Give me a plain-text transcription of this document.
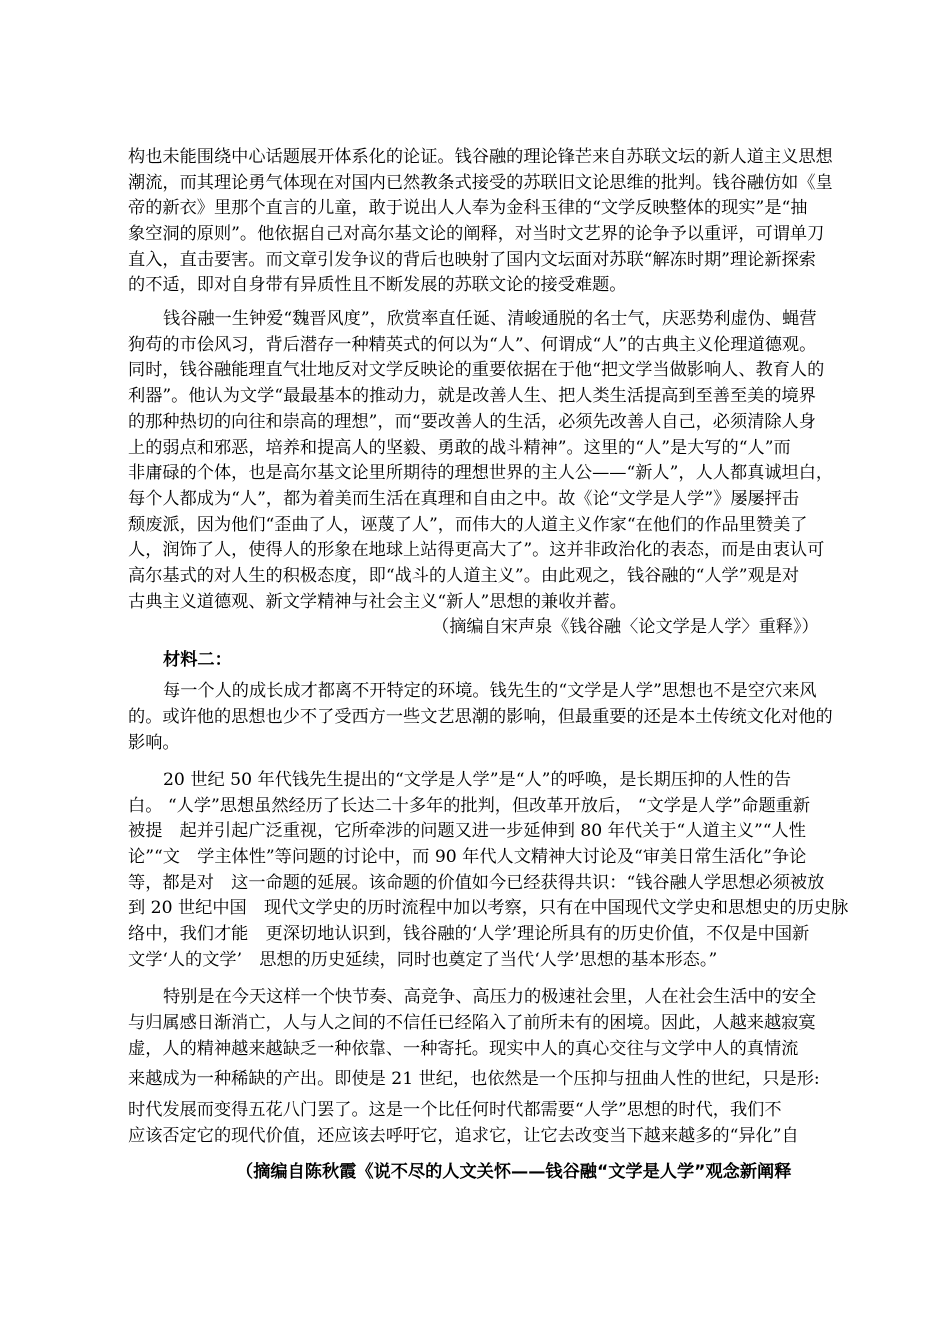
构也未能围绕中心话题展开体系化的论证。钱谷融的理论锋芒来自苏联文坛的新人道主义思想
潮流，而其理论勇气体现在对国内已然教条式接受的苏联旧文论思维的批判。钱谷融仿如《皇
帝的新衣》里那个直言的儿童，敢于说出人人奉为金科玉律的“文学反映整体的现实”是“抽
象空洞的原则”。他依据自己对高尔基文论的阐释，对当时文艺界的论争予以重评，可谓单刀
直入，直击要害。而文章引发争议的背后也映射了国内文坛面对苏联“解冻时期”理论新探索
的不适，即对自身带有异质性且不断发展的苏联文论的接受难题。
钱谷融一生钟爱“魏晋风度”，欣赏率直任诞、清峻通脱的名士气，庆恶势利虚伪、蝇营
狗苟的市侩风习，背后潜存一种精英式的何以为“人”、何谓成“人”的古典主义伦理道德观。
同时，钱谷融能理直气壮地反对文学反映论的重要依据在于他“把文学当做影响人、教育人的
利器”。他认为文学“最最基本的推动力，就是改善人生、把人类生活提高到至善至美的境界
的那种热切的向往和崇高的理想”，而“要改善人的生活，必须先改善人自己，必须清除人身
上的弱点和邪恶，培养和提高人的坚毅、勇敢的战斗精神”。这里的“人”是大写的“人”而
非庸碌的个体，也是高尔基文论里所期待的理想世界的主人公——“新人”，人人都真诚坦白，
每个人都成为“人”，都为着美而生活在真理和自由之中。故《论“文学是人学”》屡屡抨击
颓废派，因为他们“歪曲了人，诬蔑了人”，而伟大的人道主义作家“在他们的作品里赞美了
人，润饰了人，使得人的形象在地球上站得更高大了”。这并非政治化的表态，而是由衷认可
高尔基式的对人生的积极态度，即“战斗的人道主义”。由此观之，钱谷融的“人学”观是对
古典主义道德观、新文学精神与社会主义“新人”思想的兼收并蓄。
（摘编自宋声泉《钱谷融〈论文学是人学〉重释》）
材料二：
每一个人的成长成才都离不开特定的环境。钱先生的“文学是人学”思想也不是空穴来风
的。或许他的思想也少不了受西方一些文艺思潮的影响，但最重要的还是本土传统文化对他的
影响。
20 世纪 50 年代钱先生提出的“文学是人学”是“人”的呼唤，是长期压抑的人性的告
白。 “人学”思想虽然经历了长达二十多年的批判，但改革开放后， “文学是人学”命题重新
被提　起并引起广泛重视，它所牵涉的问题又进一步延伸到 80 年代关于“人道主义”“人性
论”“文　学主体性”等问题的讨论中，而 90 年代人文精神大讨论及“审美日常生活化”争论
等，都是对　这一命题的延展。该命题的价值如今已经获得共识：“钱谷融人学思想必须被放
到 20 世纪中国　现代文学史的历时流程中加以考察，只有在中国现代文学史和思想史的历史脉
络中，我们才能　更深切地认识到，钱谷融的‘人学’理论所具有的历史价值，不仅是中国新
文学‘人的文学’　思想的历史延续，同时也奠定了当代‘人学’思想的基本形态。”
特别是在今天这样一个快节奏、高竞争、高压力的极速社会里，人在社会生活中的安全
与归属感日渐消亡，人与人之间的不信任已经陷入了前所未有的困境。因此，人越来越寂寞
虚，人的精神越来越缺乏一种依靠、一种寄托。现实中人的真心交往与文学中人的真情流
来越成为一种稀缺的产出。即使是 21 世纪，也依然是一个压抑与扭曲人性的世纪，只是形:
时代发展而变得五花八门罢了。这是一个比任何时代都需要“人学”思想的时代，我们不
应该否定它的现代价值，还应该去呼吁它，追求它，让它去改变当下越来越多的“异化”自
（摘编自陈秋霞《说不尽的人文关怀——钱谷融“文学是人学”观念新阐释
